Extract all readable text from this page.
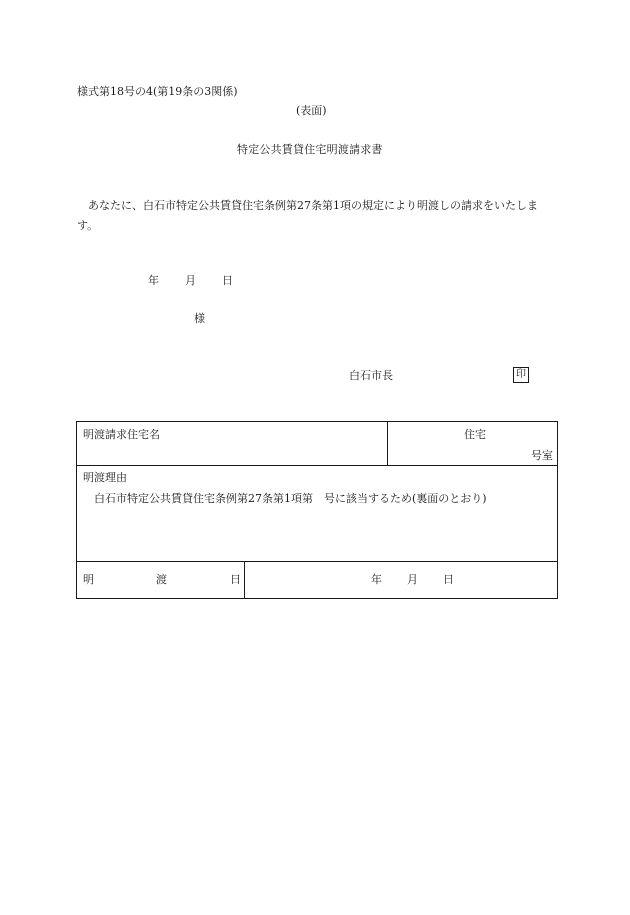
様式第18号の4(第19条の3関係)
(表面)
特定公共賃貸住宅明渡請求書
あなたに、白石市特定公共賃貸住宅条例第27条第1項の規定により明渡しの請求をいたします。
年 月 日
様
白石市長	印
明渡請求住宅名		住宅
号室

明渡理由
白石市特定公共賃貸住宅条例第27条第1項第　号に該当するため(裏面のとおり)		

明 渡 日	年 月 日	
